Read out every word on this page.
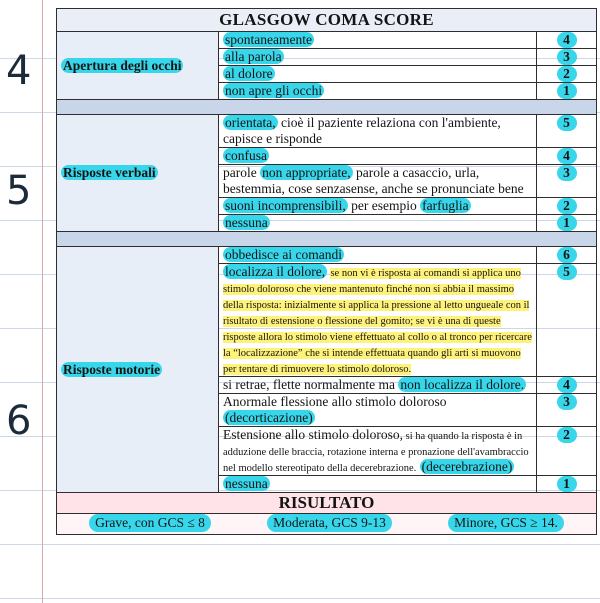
4
5
6
GLASGOW COMA SCORE		
Apertura degli occhi	spontaneamente	4
	alla parola	3
	al dolore	2
	non apre gli occhi	1

Risposte verbali	orientata, cioè il paziente relaziona con l'ambiente, capisce e risponde	5
	confusa	4
	parole non appropriate, parole a casaccio, urla, bestemmia, cose senzasense, anche se pronunciate bene	3
	suoni incomprensibili, per esempio farfuglia	2
	nessuna	1

Risposte motorie	obbedisce ai comandi	6
	localizza il dolore, se non vi è risposta ai comandi si applica uno stimolo doloroso che viene mantenuto finché non si abbia il massimo della risposta: inizialmente si applica la pressione al letto ungueale con il risultato di estensione o flessione del gomito; se vi è una di queste risposte allora lo stimolo viene effettuato al collo o al tronco per ricercare la “localizzazione” che si intende effettuata quando gli arti si muovono per tentare di rimuovere lo stimolo doloroso.	5
	si retrae, flette normalmente ma non localizza il dolore.	4
	Anormale flessione allo stimolo doloroso (decorticazione)	3
	Estensione allo stimolo doloroso, si ha quando la risposta è in adduzione delle braccia, rotazione interna e pronazione dell'avambraccio nel modello stereotipato della decerebrazione. (decerebrazione)	2
	nessuna	1
RISULTATO		

Grave, con GCS ≤ 8 Moderata, GCS 9-13 Minore, GCS ≥ 14.		
